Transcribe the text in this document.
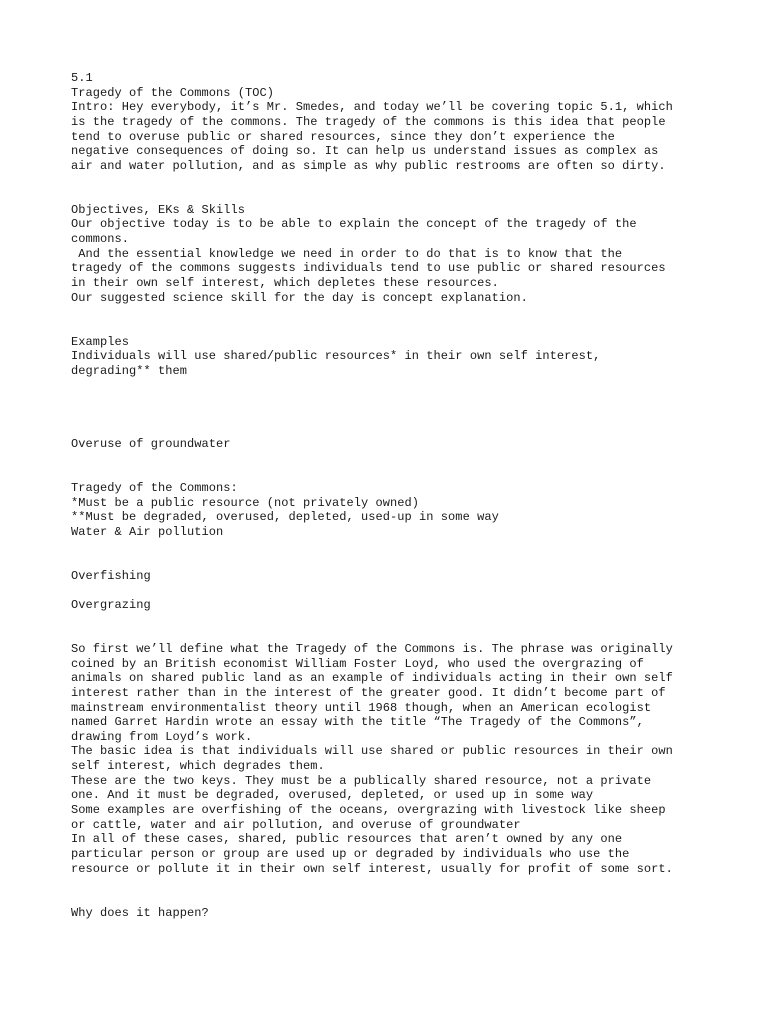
5.1
Tragedy of the Commons (TOC)
Intro: Hey everybody, it’s Mr. Smedes, and today we’ll be covering topic 5.1, which
is the tragedy of the commons. The tragedy of the commons is this idea that people
tend to overuse public or shared resources, since they don’t experience the
negative consequences of doing so. It can help us understand issues as complex as
air and water pollution, and as simple as why public restrooms are often so dirty.
Objectives, EKs & Skills
Our objective today is to be able to explain the concept of the tragedy of the
commons.
And the essential knowledge we need in order to do that is to know that the
tragedy of the commons suggests individuals tend to use public or shared resources
in their own self interest, which depletes these resources.
Our suggested science skill for the day is concept explanation.
Examples
Individuals will use shared/public resources* in their own self interest,
degrading** them
Overuse of groundwater
Tragedy of the Commons:
*Must be a public resource (not privately owned)
**Must be degraded, overused, depleted, used-up in some way
Water & Air pollution
Overfishing
Overgrazing
So first we’ll define what the Tragedy of the Commons is. The phrase was originally
coined by an British economist William Foster Loyd, who used the overgrazing of
animals on shared public land as an example of individuals acting in their own self
interest rather than in the interest of the greater good. It didn’t become part of
mainstream environmentalist theory until 1968 though, when an American ecologist
named Garret Hardin wrote an essay with the title “The Tragedy of the Commons”,
drawing from Loyd’s work.
The basic idea is that individuals will use shared or public resources in their own
self interest, which degrades them.
These are the two keys. They must be a publically shared resource, not a private
one. And it must be degraded, overused, depleted, or used up in some way
Some examples are overfishing of the oceans, overgrazing with livestock like sheep
or cattle, water and air pollution, and overuse of groundwater
In all of these cases, shared, public resources that aren’t owned by any one
particular person or group are used up or degraded by individuals who use the
resource or pollute it in their own self interest, usually for profit of some sort.
Why does it happen?
